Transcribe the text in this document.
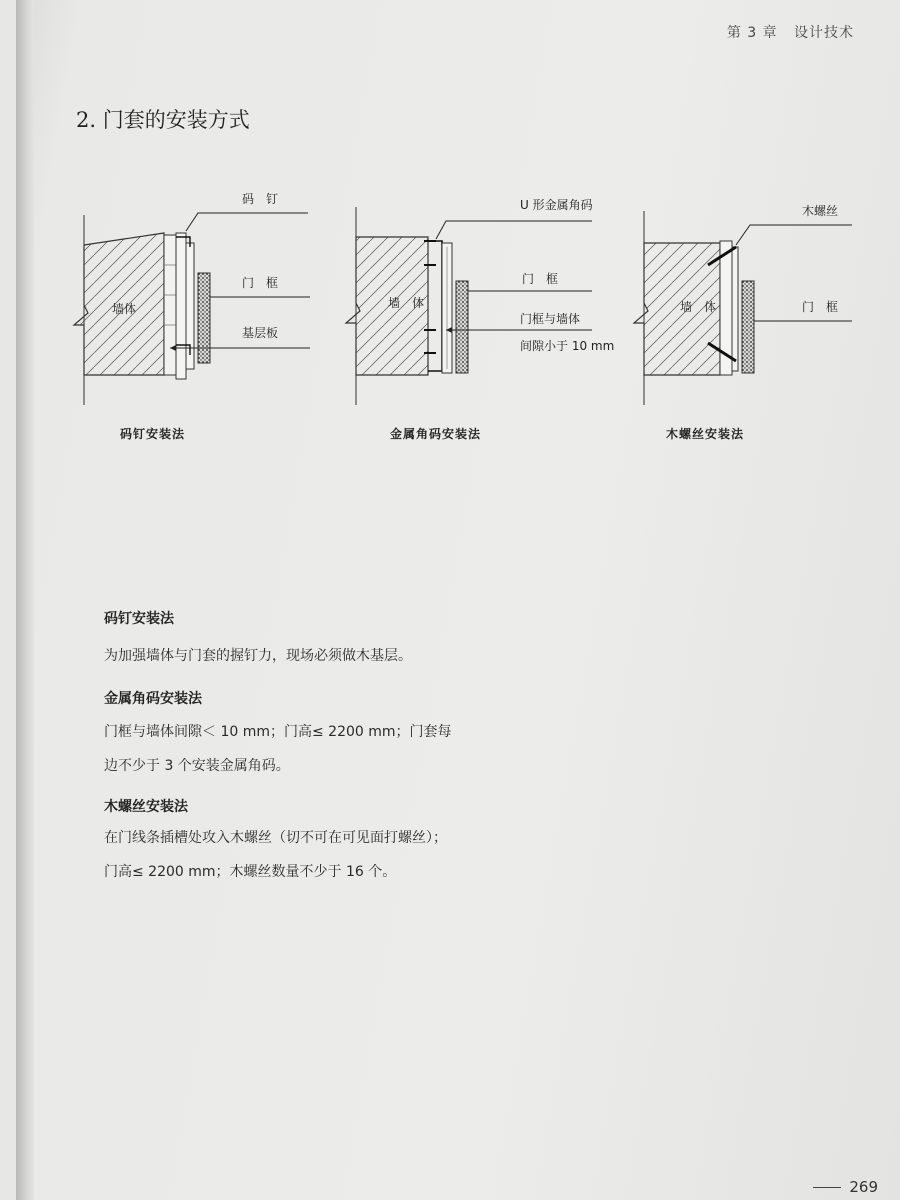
第 3 章 设计技术
2. 门套的安装方式
码　钉
门　框
墙体
基层板
码钉安装法
U 形金属角码
门　框
墙　体
门框与墙体
间隙小于 10 mm
金属角码安装法
木螺丝
墙　体	门　框
木螺丝安装法

码钉安装法

为加强墙体与门套的握钉力，现场必须做木基层。

金属角码安装法

门框与墙体间隙＜ 10 mm；门高≤ 2200 mm；门套每

边不少于 3 个安装金属角码。

木螺丝安装法

在门线条插槽处攻入木螺丝（切不可在可见面打螺丝）；

门高≤ 2200 mm；木螺丝数量不少于 16 个。

269
